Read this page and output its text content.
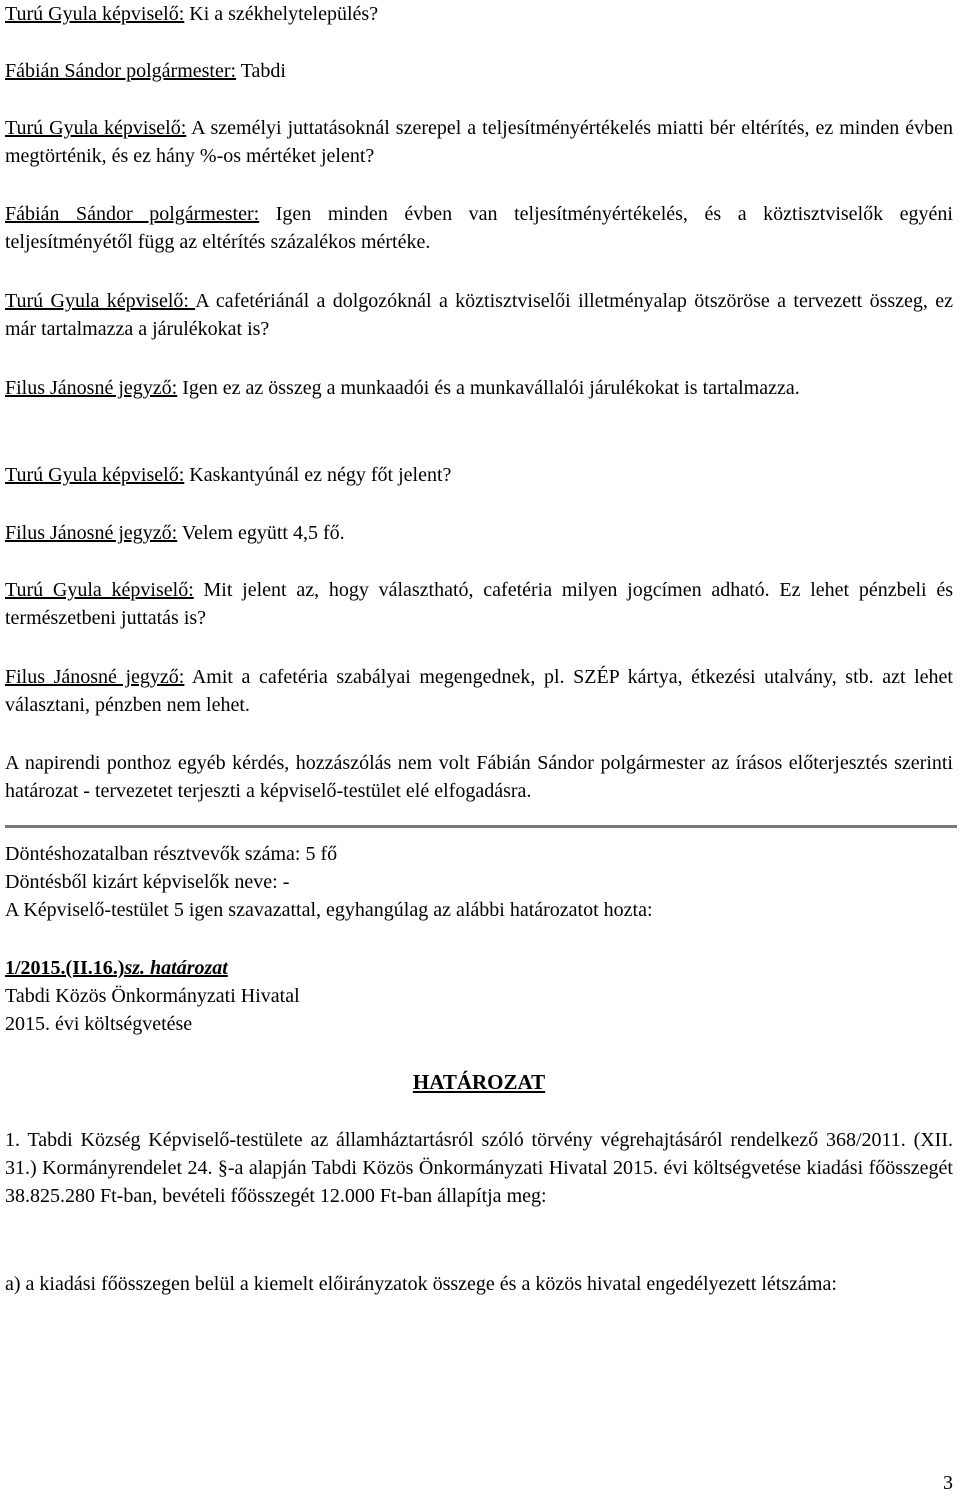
Turú Gyula képviselő: Ki a székhelytelepülés?

Fábián Sándor polgármester: Tabdi

Turú Gyula képviselő: A személyi juttatásoknál szerepel a teljesítményértékelés miatti bér eltérítés, ez minden évben megtörténik, és ez hány %-os mértéket jelent?

Fábián Sándor polgármester: Igen minden évben van teljesítményértékelés, és a köztisztviselők egyéni teljesítményétől függ az eltérítés százalékos mértéke.

Turú Gyula képviselő: A cafetériánál a dolgozóknál a köztisztviselői illetményalap ötszöröse a tervezett összeg, ez már tartalmazza a járulékokat is?

Filus Jánosné jegyző: Igen ez az összeg a munkaadói és a munkavállalói járulékokat is tartalmazza.

Turú Gyula képviselő: Kaskantyúnál ez négy főt jelent?

Filus Jánosné jegyző: Velem együtt 4,5 fő.

Turú Gyula képviselő: Mit jelent az, hogy választható, cafetéria milyen jogcímen adható. Ez lehet pénzbeli és természetbeni juttatás is?

Filus Jánosné jegyző: Amit a cafetéria szabályai megengednek, pl. SZÉP kártya, étkezési utalvány, stb. azt lehet választani, pénzben nem lehet.

A napirendi ponthoz egyéb kérdés, hozzászólás nem volt Fábián Sándor polgármester az írásos előterjesztés szerinti határozat - tervezetet terjeszti a képviselő-testület elé elfogadásra.

Döntéshozatalban résztvevők száma: 5 fő

Döntésből kizárt képviselők neve: -

A Képviselő-testület 5 igen szavazattal, egyhangúlag az alábbi határozatot hozta:

1/2015.(II.16.)sz. határozat

Tabdi Közös Önkormányzati Hivatal

2015. évi költségvetése

HATÁROZAT

1. Tabdi Község Képviselő-testülete az államháztartásról szóló törvény végrehajtásáról rendelkező 368/2011. (XII. 31.) Kormányrendelet 24. §-a alapján Tabdi Közös Önkormányzati Hivatal 2015. évi költségvetése kiadási főösszegét 38.825.280 Ft-ban, bevételi főösszegét 12.000 Ft-ban állapítja meg:

a) a kiadási főösszegen belül a kiemelt előirányzatok összege és a közös hivatal engedélyezett létszáma:

3
